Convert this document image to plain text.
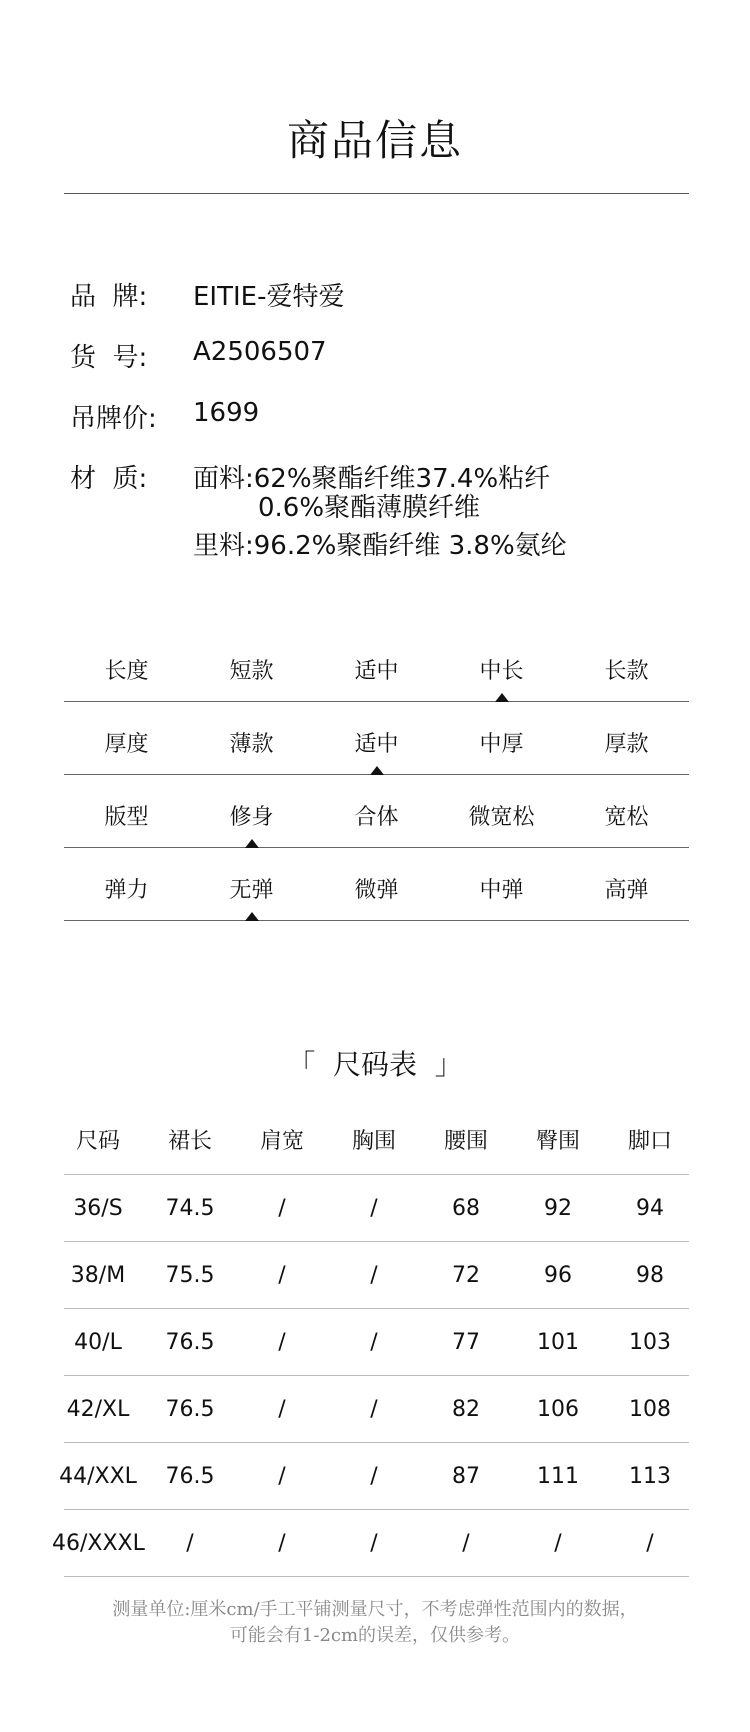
商品信息
品  牌: EITIE-爱特爱
货  号: A2506507
吊牌价: 1699
材  质: 面料:62%聚酯纤维37.4%粘纤
0.6%聚酯薄膜纤维
里料:96.2%聚酯纤维 3.8%氨纶
长度	短款	适中	中长	长款
厚度	薄款	适中	中厚	厚款
版型	修身	合体	微宽松	宽松
弹力	无弹	微弹	中弹	高弹
「  尺码表  」
尺码	裙长	肩宽	胸围	腰围	臀围	脚口
36/S	74.5	/	/	68	92	94
38/M	75.5	/	/	72	96	98
40/L	76.5	/	/	77	101	103
42/XL	76.5	/	/	82	106	108
44/XXL	76.5	/	/	87	111	113
46/XXXL	/	/	/	/	/	/
测量单位:厘米cm/手工平铺测量尺寸，不考虑弹性范围内的数据，
可能会有1-2cm的误差，仅供参考。
